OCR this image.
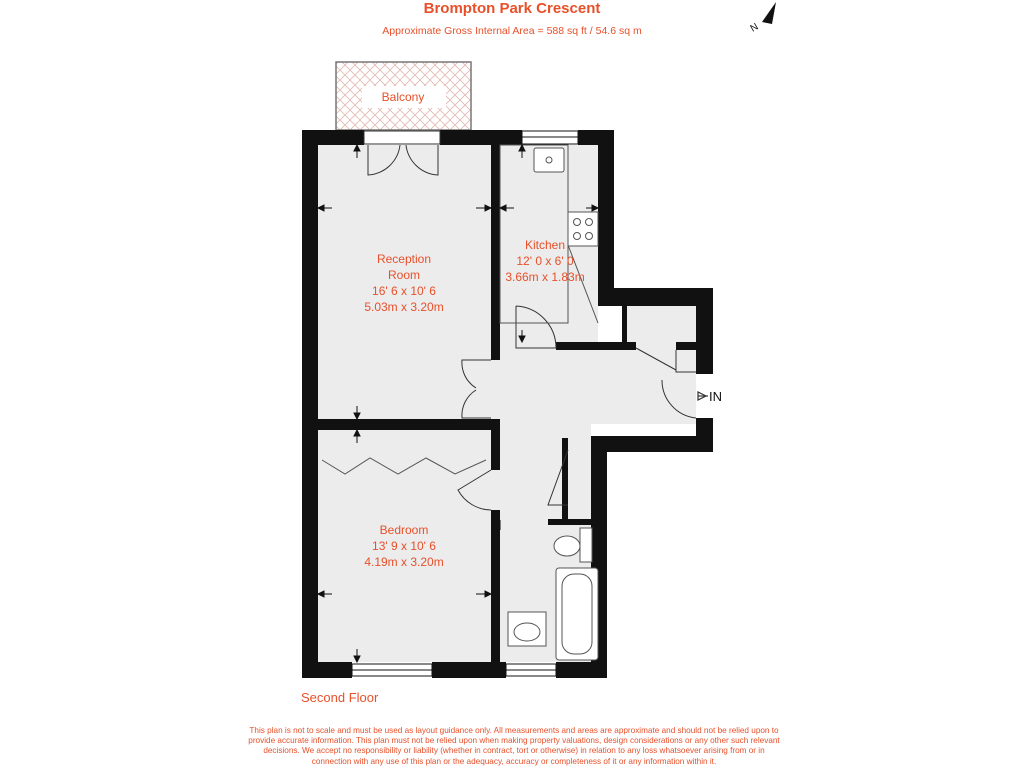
Brompton Park Crescent
Approximate Gross Internal Area = 588 sq ft / 54.6 sq m	N
Balcony
Reception
Room
16' 6 x 10' 6
5.03m x 3.20m
Kitchen
12' 0 x 6' 0
3.66m x 1.83m
Bedroom
13' 9 x 10' 6
4.19m x 3.20m
IN
Second Floor
This plan is not to scale and must be used as layout guidance only. All measurements and areas are approximate and should not be relied upon to
provide accurate information. This plan must not be relied upon when making property valuations, design considerations or any other such relevant
decisions. We accept no responsibility or liability (whether in contract, tort or otherwise) in relation to any loss whatsoever arising from or in
connection with any use of this plan or the adequacy, accuracy or completeness of it or any information within it.
